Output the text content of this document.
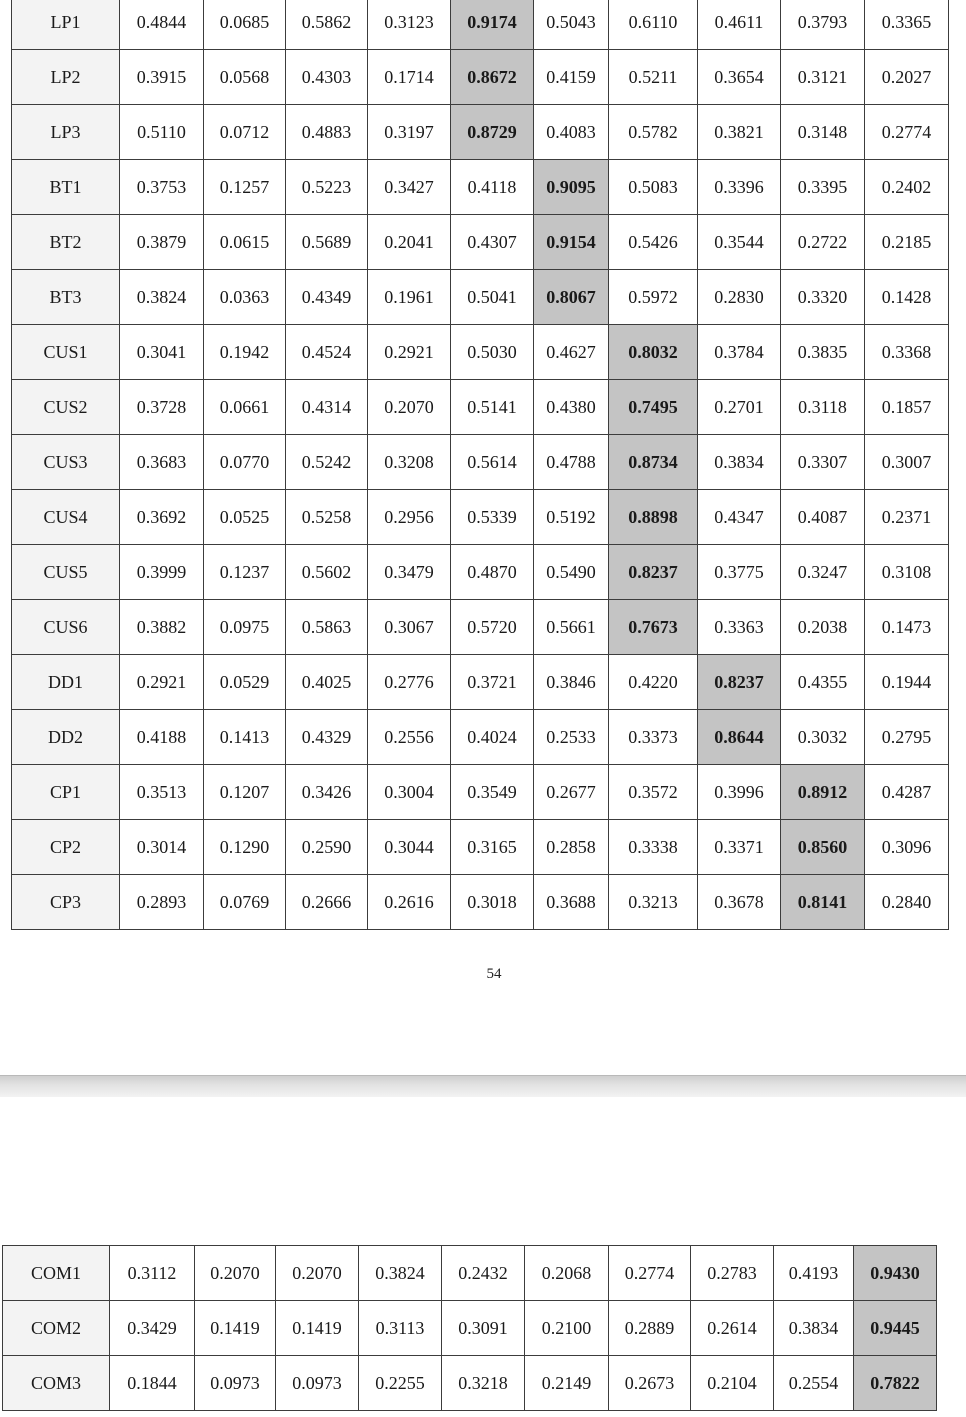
LP1	0.4844	0.0685	0.5862	0.3123	0.9174	0.5043	0.6110	0.4611	0.3793	0.3365
LP2	0.3915	0.0568	0.4303	0.1714	0.8672	0.4159	0.5211	0.3654	0.3121	0.2027
LP3	0.5110	0.0712	0.4883	0.3197	0.8729	0.4083	0.5782	0.3821	0.3148	0.2774
BT1	0.3753	0.1257	0.5223	0.3427	0.4118	0.9095	0.5083	0.3396	0.3395	0.2402
BT2	0.3879	0.0615	0.5689	0.2041	0.4307	0.9154	0.5426	0.3544	0.2722	0.2185
BT3	0.3824	0.0363	0.4349	0.1961	0.5041	0.8067	0.5972	0.2830	0.3320	0.1428
CUS1	0.3041	0.1942	0.4524	0.2921	0.5030	0.4627	0.8032	0.3784	0.3835	0.3368
CUS2	0.3728	0.0661	0.4314	0.2070	0.5141	0.4380	0.7495	0.2701	0.3118	0.1857
CUS3	0.3683	0.0770	0.5242	0.3208	0.5614	0.4788	0.8734	0.3834	0.3307	0.3007
CUS4	0.3692	0.0525	0.5258	0.2956	0.5339	0.5192	0.8898	0.4347	0.4087	0.2371
CUS5	0.3999	0.1237	0.5602	0.3479	0.4870	0.5490	0.8237	0.3775	0.3247	0.3108
CUS6	0.3882	0.0975	0.5863	0.3067	0.5720	0.5661	0.7673	0.3363	0.2038	0.1473
DD1	0.2921	0.0529	0.4025	0.2776	0.3721	0.3846	0.4220	0.8237	0.4355	0.1944
DD2	0.4188	0.1413	0.4329	0.2556	0.4024	0.2533	0.3373	0.8644	0.3032	0.2795
CP1	0.3513	0.1207	0.3426	0.3004	0.3549	0.2677	0.3572	0.3996	0.8912	0.4287
CP2	0.3014	0.1290	0.2590	0.3044	0.3165	0.2858	0.3338	0.3371	0.8560	0.3096
CP3	0.2893	0.0769	0.2666	0.2616	0.3018	0.3688	0.3213	0.3678	0.8141	0.2840
54
COM1	0.3112	0.2070	0.2070	0.3824	0.2432	0.2068	0.2774	0.2783	0.4193	0.9430
COM2	0.3429	0.1419	0.1419	0.3113	0.3091	0.2100	0.2889	0.2614	0.3834	0.9445
COM3	0.1844	0.0973	0.0973	0.2255	0.3218	0.2149	0.2673	0.2104	0.2554	0.7822
